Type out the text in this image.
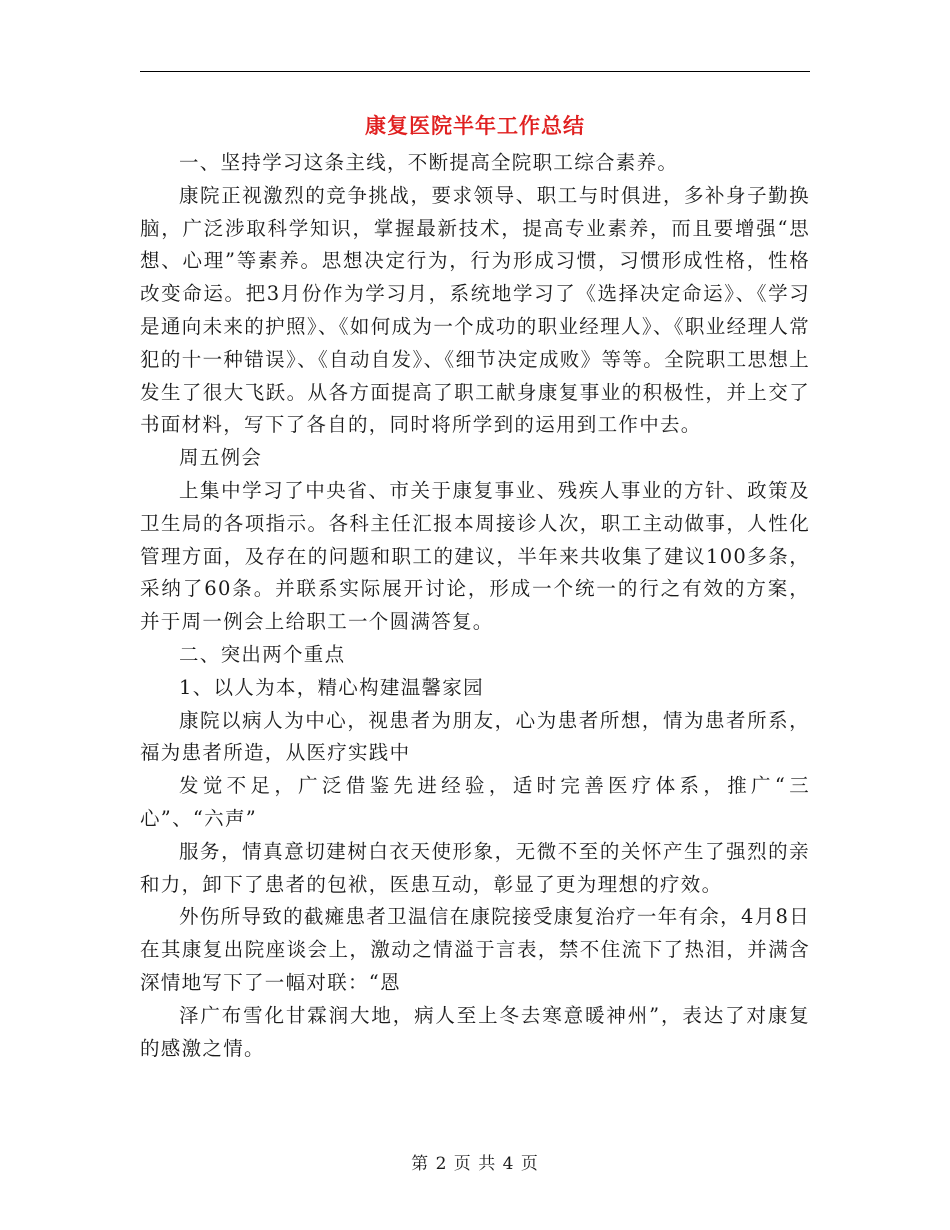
康复医院半年工作总结

一、坚持学习这条主线，不断提高全院职工综合素养。

康院正视激烈的竞争挑战，要求领导、职工与时俱进，多补身子勤换脑，广泛涉取科学知识，掌握最新技术，提高专业素养，而且要增强“思想、心理”等素养。思想决定行为，行为形成习惯，习惯形成性格，性格改变命运。把3月份作为学习月，系统地学习了《选择决定命运》、《学习是通向未来的护照》、《如何成为一个成功的职业经理人》、《职业经理人常犯的十一种错误》、《自动自发》、《细节决定成败》等等。全院职工思想上发生了很大飞跃。从各方面提高了职工献身康复事业的积极性，并上交了书面材料，写下了各自的，同时将所学到的运用到工作中去。

周五例会

上集中学习了中央省、市关于康复事业、残疾人事业的方针、政策及卫生局的各项指示。各科主任汇报本周接诊人次，职工主动做事，人性化管理方面，及存在的问题和职工的建议，半年来共收集了建议100多条，采纳了60条。并联系实际展开讨论，形成一个统一的行之有效的方案，并于周一例会上给职工一个圆满答复。

二、突出两个重点

1、以人为本，精心构建温馨家园

康院以病人为中心，视患者为朋友，心为患者所想，情为患者所系，福为患者所造，从医疗实践中

发觉不足，广泛借鉴先进经验，适时完善医疗体系，推广“三心”、“六声”

服务，情真意切建树白衣天使形象，无微不至的关怀产生了强烈的亲和力，卸下了患者的包袱，医患互动，彰显了更为理想的疗效。

外伤所导致的截瘫患者卫温信在康院接受康复治疗一年有余，4月8日在其康复出院座谈会上，激动之情溢于言表，禁不住流下了热泪，并满含深情地写下了一幅对联：“恩

泽广布雪化甘霖润大地，病人至上冬去寒意暖神州”，表达了对康复的感激之情。

第 2 页 共 4 页
